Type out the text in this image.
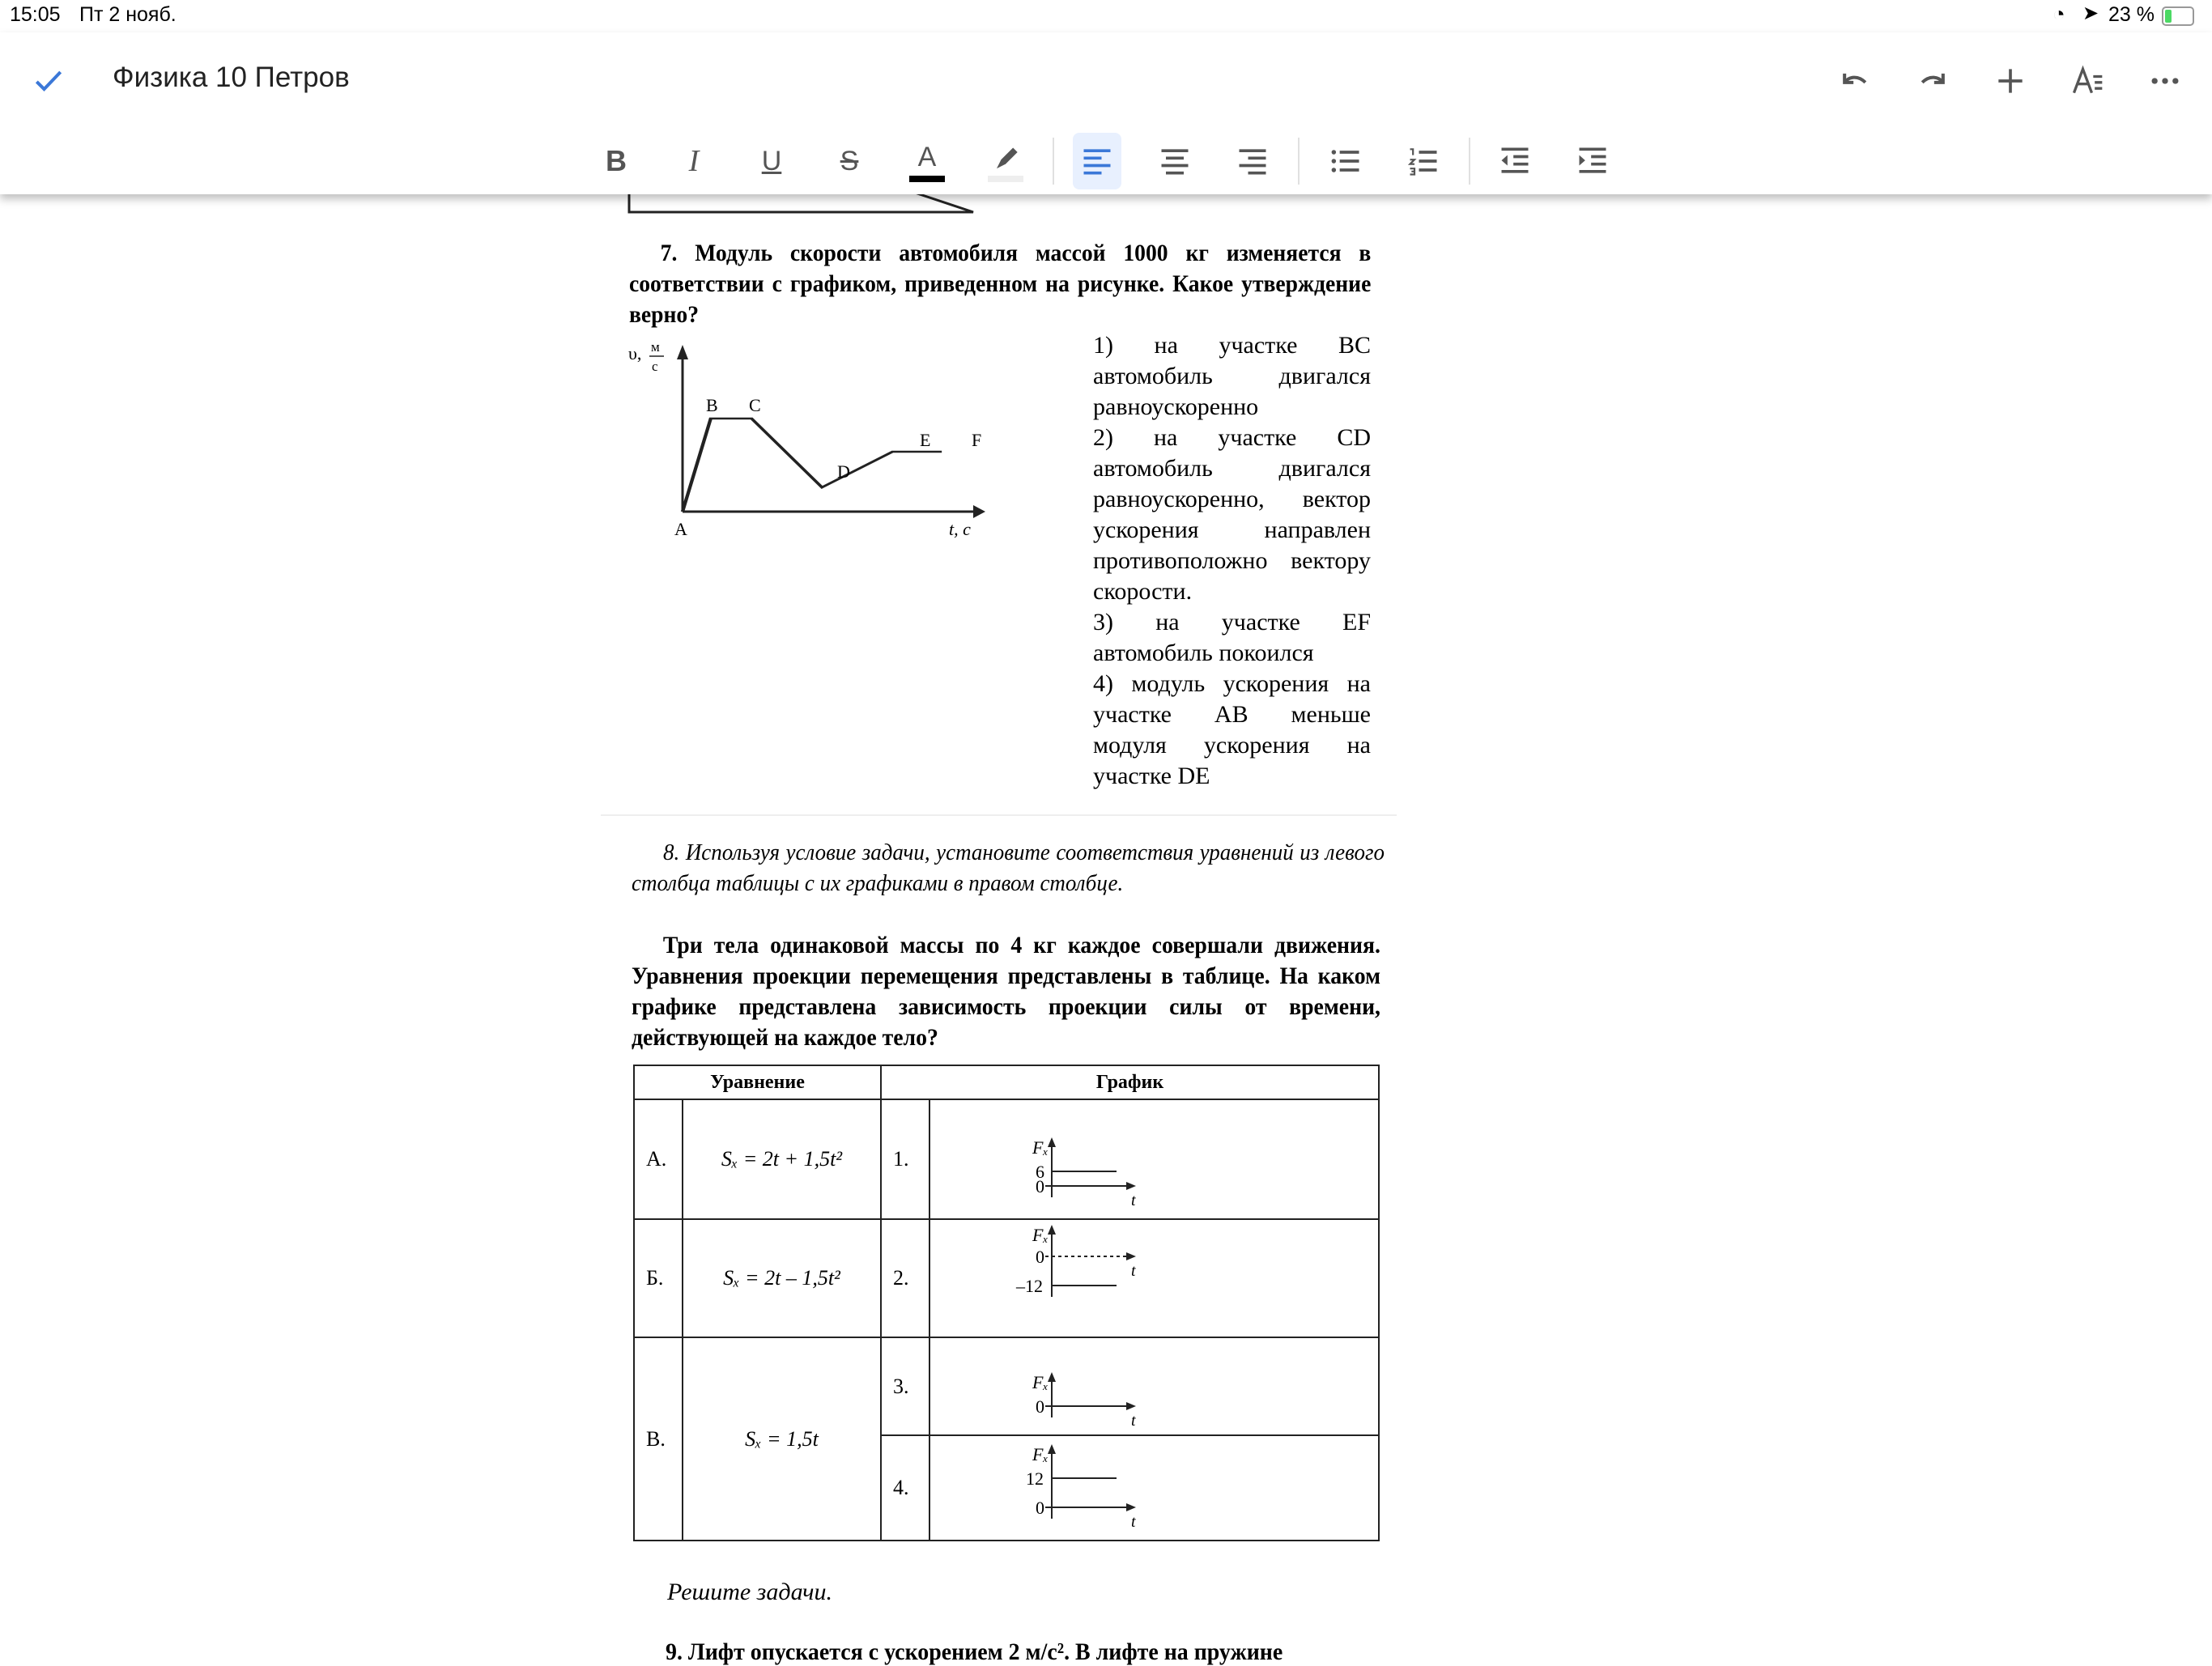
15:05 Пт 2 нояб.	◔ ➤ 23 %
Физика 10 Петров
B	I	U	S	A
7. Модуль скорости автомобиля массой 1000 кг изменяется в соответствии с графиком, приведенном на рисунке. Какое утверждение верно?
υ, м
с
A
B C
D
E F
t, c
1) на участке BC автомобиль двигался равноускоренно
2) на участке CD автомобиль двигался равноускоренно, вектор ускорения направлен противоположно вектору скорости.
3) на участке EF автомобиль покоился
4) модуль ускорения на участке AB меньше модуля ускорения на участке DE
8. Используя условие задачи, установите соответствия уравнений из левого столбца таблицы с их графиками в правом столбце.
Три тела одинаковой массы по 4 кг каждое совершали движения. Уравнения проекции перемещения представлены в таблице. На каком графике представлена зависимость проекции силы от времени, действующей на каждое тело?
Уравнение		График	
А.	Sₓ = 2t + 1,5t²	1.	t
Fₓ
0
6

Б.	Sₓ = 2t – 1,5t²	2.	t
Fₓ
0
–12

В.	Sₓ = 1,5t	3.	t
Fₓ
0

		4.	t
Fₓ
0
12
Решите задачи.
9. Лифт опускается с ускорением 2 м/с². В лифте на пружине
